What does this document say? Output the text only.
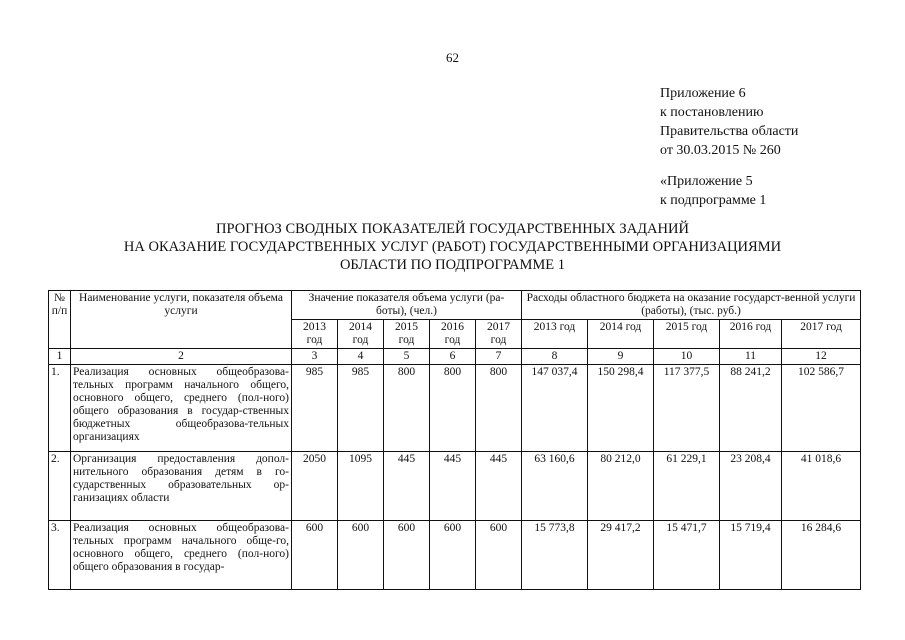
62
Приложение 6
к постановлению
Правительства области
от 30.03.2015 № 260
«Приложение 5
к подпрограмме 1
ПРОГНОЗ СВОДНЫХ ПОКАЗАТЕЛЕЙ ГОСУДАРСТВЕННЫХ ЗАДАНИЙ
НА ОКАЗАНИЕ ГОСУДАРСТВЕННЫХ УСЛУГ (РАБОТ) ГОСУДАРСТВЕННЫМИ ОРГАНИЗАЦИЯМИ
ОБЛАСТИ ПО ПОДПРОГРАММЕ 1
№ п/п	Наименование услуги, показателя объема услуги	Значение показателя объема услуги (ра-боты), (чел.)					Расходы областного бюджета на оказание государст-венной услуги (работы), (тыс. руб.)				
		2013 год	2014 год	2015 год	2016 год	2017 год	2013 год	2014 год	2015 год	2016 год	2017 год
1	2	3	4	5	6	7	8	9	10	11	12
1.	Реализация основных общеобразова-тельных программ начального общего, основного общего, среднего (пол-ного) общего образования в государ-ственных бюджетных общеобразова-тельных организациях	985	985	800	800	800	147 037,4	150 298,4	117 377,5	88 241,2	102 586,7
2.	Организация предоставления допол-нительного образования детям в го-сударственных образовательных ор-ганизациях области	2050	1095	445	445	445	63 160,6	80 212,0	61 229,1	23 208,4	41 018,6
3.	Реализация основных общеобразова-тельных программ начального обще-го, основного общего, среднего (пол-ного) общего образования в государ-	600	600	600	600	600	15 773,8	29 417,2	15 471,7	15 719,4	16 284,6
